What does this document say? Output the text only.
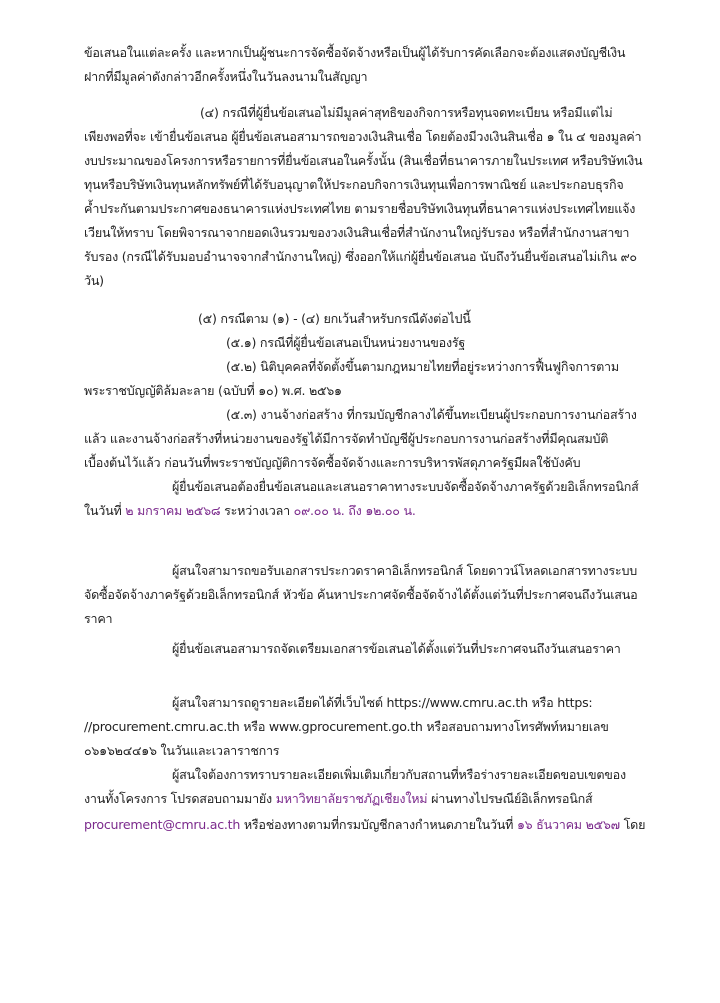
ข้อเสนอในแต่ละครั้ง และหากเป็นผู้ชนะการจัดซื้อจัดจ้างหรือเป็นผู้ได้รับการคัดเลือกจะต้องแสดงบัญชีเงิน
ฝากที่มีมูลค่าดังกล่าวอีกครั้งหนึ่งในวันลงนามในสัญญา
(๔) กรณีที่ผู้ยื่นข้อเสนอไม่มีมูลค่าสุทธิของกิจการหรือทุนจดทะเบียน หรือมีแต่ไม่
เพียงพอที่จะ เข้ายื่นข้อเสนอ ผู้ยื่นข้อเสนอสามารถขอวงเงินสินเชื่อ โดยต้องมีวงเงินสินเชื่อ ๑ ใน ๔ ของมูลค่า
งบประมาณของโครงการหรือรายการที่ยื่นข้อเสนอในครั้งนั้น (สินเชื่อที่ธนาคารภายในประเทศ หรือบริษัทเงิน
ทุนหรือบริษัทเงินทุนหลักทรัพย์ที่ได้รับอนุญาตให้ประกอบกิจการเงินทุนเพื่อการพาณิชย์ และประกอบธุรกิจ
ค้ำประกันตามประกาศของธนาคารแห่งประเทศไทย ตามรายชื่อบริษัทเงินทุนที่ธนาคารแห่งประเทศไทยแจ้ง
เวียนให้ทราบ โดยพิจารณาจากยอดเงินรวมของวงเงินสินเชื่อที่สำนักงานใหญ่รับรอง หรือที่สำนักงานสาขา
รับรอง (กรณีได้รับมอบอำนาจจากสำนักงานใหญ่) ซึ่งออกให้แก่ผู้ยื่นข้อเสนอ นับถึงวันยื่นข้อเสนอไม่เกิน ๙๐
วัน)
(๕) กรณีตาม (๑) - (๔) ยกเว้นสำหรับกรณีดังต่อไปนี้
(๕.๑) กรณีที่ผู้ยื่นข้อเสนอเป็นหน่วยงานของรัฐ
(๕.๒) นิติบุคคลที่จัดตั้งขึ้นตามกฎหมายไทยที่อยู่ระหว่างการฟื้นฟูกิจการตาม
พระราชบัญญัติล้มละลาย (ฉบับที่ ๑๐) พ.ศ. ๒๕๖๑
(๕.๓) งานจ้างก่อสร้าง ที่กรมบัญชีกลางได้ขึ้นทะเบียนผู้ประกอบการงานก่อสร้าง
แล้ว และงานจ้างก่อสร้างที่หน่วยงานของรัฐได้มีการจัดทำบัญชีผู้ประกอบการงานก่อสร้างที่มีคุณสมบัติ
เบื้องต้นไว้แล้ว ก่อนวันที่พระราชบัญญัติการจัดซื้อจัดจ้างและการบริหารพัสดุภาครัฐมีผลใช้บังคับ
ผู้ยื่นข้อเสนอต้องยื่นข้อเสนอและเสนอราคาทางระบบจัดซื้อจัดจ้างภาครัฐด้วยอิเล็กทรอนิกส์
ในวันที่ ๒ มกราคม ๒๕๖๘ ระหว่างเวลา ๐๙.๐๐ น. ถึง ๑๒.๐๐ น.
ผู้สนใจสามารถขอรับเอกสารประกวดราคาอิเล็กทรอนิกส์ โดยดาวน์โหลดเอกสารทางระบบ
จัดซื้อจัดจ้างภาครัฐด้วยอิเล็กทรอนิกส์ หัวข้อ ค้นหาประกาศจัดซื้อจัดจ้างได้ตั้งแต่วันที่ประกาศจนถึงวันเสนอ
ราคา
ผู้ยื่นข้อเสนอสามารถจัดเตรียมเอกสารข้อเสนอได้ตั้งแต่วันที่ประกาศจนถึงวันเสนอราคา
ผู้สนใจสามารถดูรายละเอียดได้ที่เว็บไซต์ https://www.cmru.ac.th หรือ https:
//procurement.cmru.ac.th หรือ www.gprocurement.go.th หรือสอบถามทางโทรศัพท์หมายเลข
๐๖๑๖๒๔๔๑๖ ในวันและเวลาราชการ
ผู้สนใจต้องการทราบรายละเอียดเพิ่มเติมเกี่ยวกับสถานที่หรือร่างรายละเอียดขอบเขตของ
งานทั้งโครงการ โปรดสอบถามมายัง มหาวิทยาลัยราชภัฏเชียงใหม่ ผ่านทางไปรษณีย์อิเล็กทรอนิกส์
procurement@cmru.ac.th หรือช่องทางตามที่กรมบัญชีกลางกำหนดภายในวันที่ ๑๖ ธันวาคม ๒๕๖๗ โดย
